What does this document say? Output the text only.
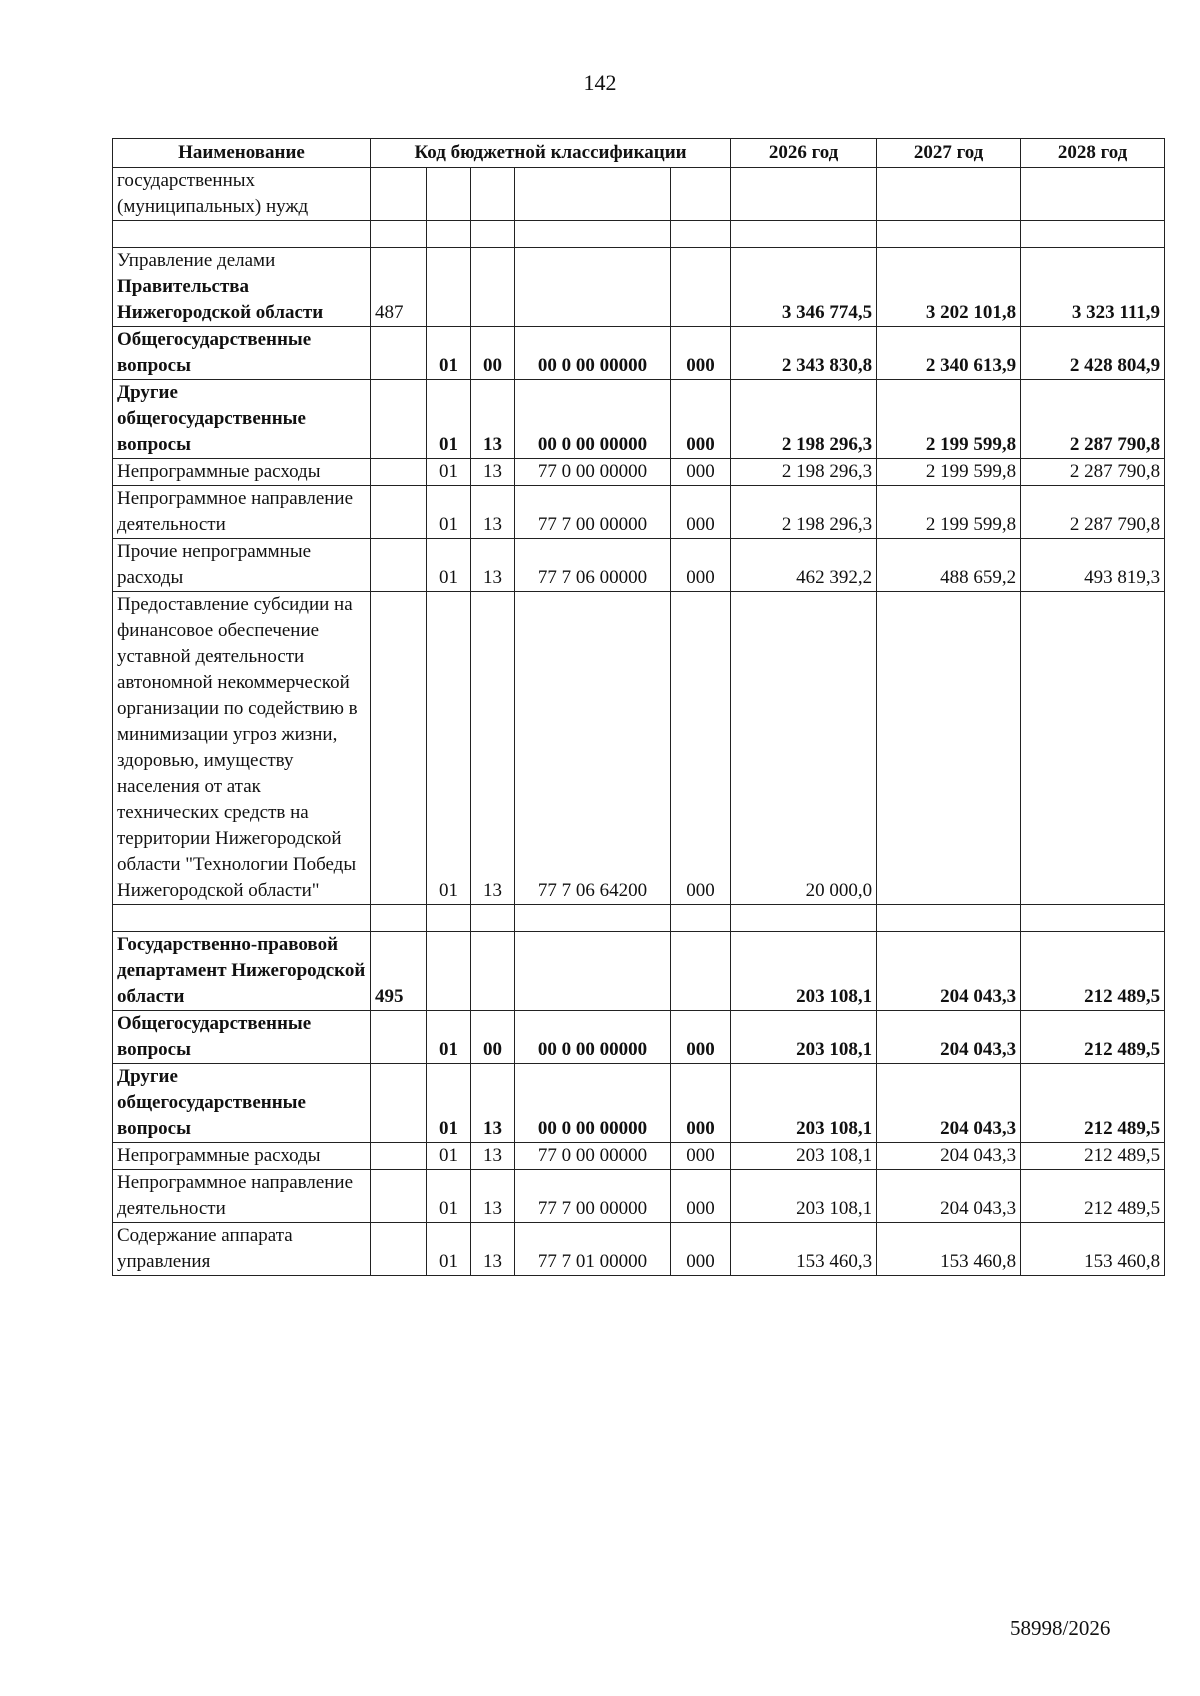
142
Наименование	Код бюджетной классификации					2026 год	2027 год	2028 год
государственных (муниципальных) нужд								

Управление делами Правительства Нижегородской области	487					3 346 774,5	3 202 101,8	3 323 111,9
Общегосударственные вопросы		01	00	00 0 00 00000	000	2 343 830,8	2 340 613,9	2 428 804,9
Другие общегосударственные вопросы		01	13	00 0 00 00000	000	2 198 296,3	2 199 599,8	2 287 790,8
Непрограммные расходы		01	13	77 0 00 00000	000	2 198 296,3	2 199 599,8	2 287 790,8
Непрограммное направление деятельности		01	13	77 7 00 00000	000	2 198 296,3	2 199 599,8	2 287 790,8
Прочие непрограммные расходы		01	13	77 7 06 00000	000	462 392,2	488 659,2	493 819,3
Предоставление субсидии на финансовое обеспечение уставной деятельности автономной некоммерческой организации по содействию в минимизации угроз жизни, здоровью, имуществу населения от атак технических средств на территории Нижегородской области "Технологии Победы Нижегородской области"		01	13	77 7 06 64200	000	20 000,0		

Государственно-правовой департамент Нижегородской области	495					203 108,1	204 043,3	212 489,5
Общегосударственные вопросы		01	00	00 0 00 00000	000	203 108,1	204 043,3	212 489,5
Другие общегосударственные вопросы		01	13	00 0 00 00000	000	203 108,1	204 043,3	212 489,5
Непрограммные расходы		01	13	77 0 00 00000	000	203 108,1	204 043,3	212 489,5
Непрограммное направление деятельности		01	13	77 7 00 00000	000	203 108,1	204 043,3	212 489,5
Содержание аппарата управления		01	13	77 7 01 00000	000	153 460,3	153 460,8	153 460,8
58998/2026
